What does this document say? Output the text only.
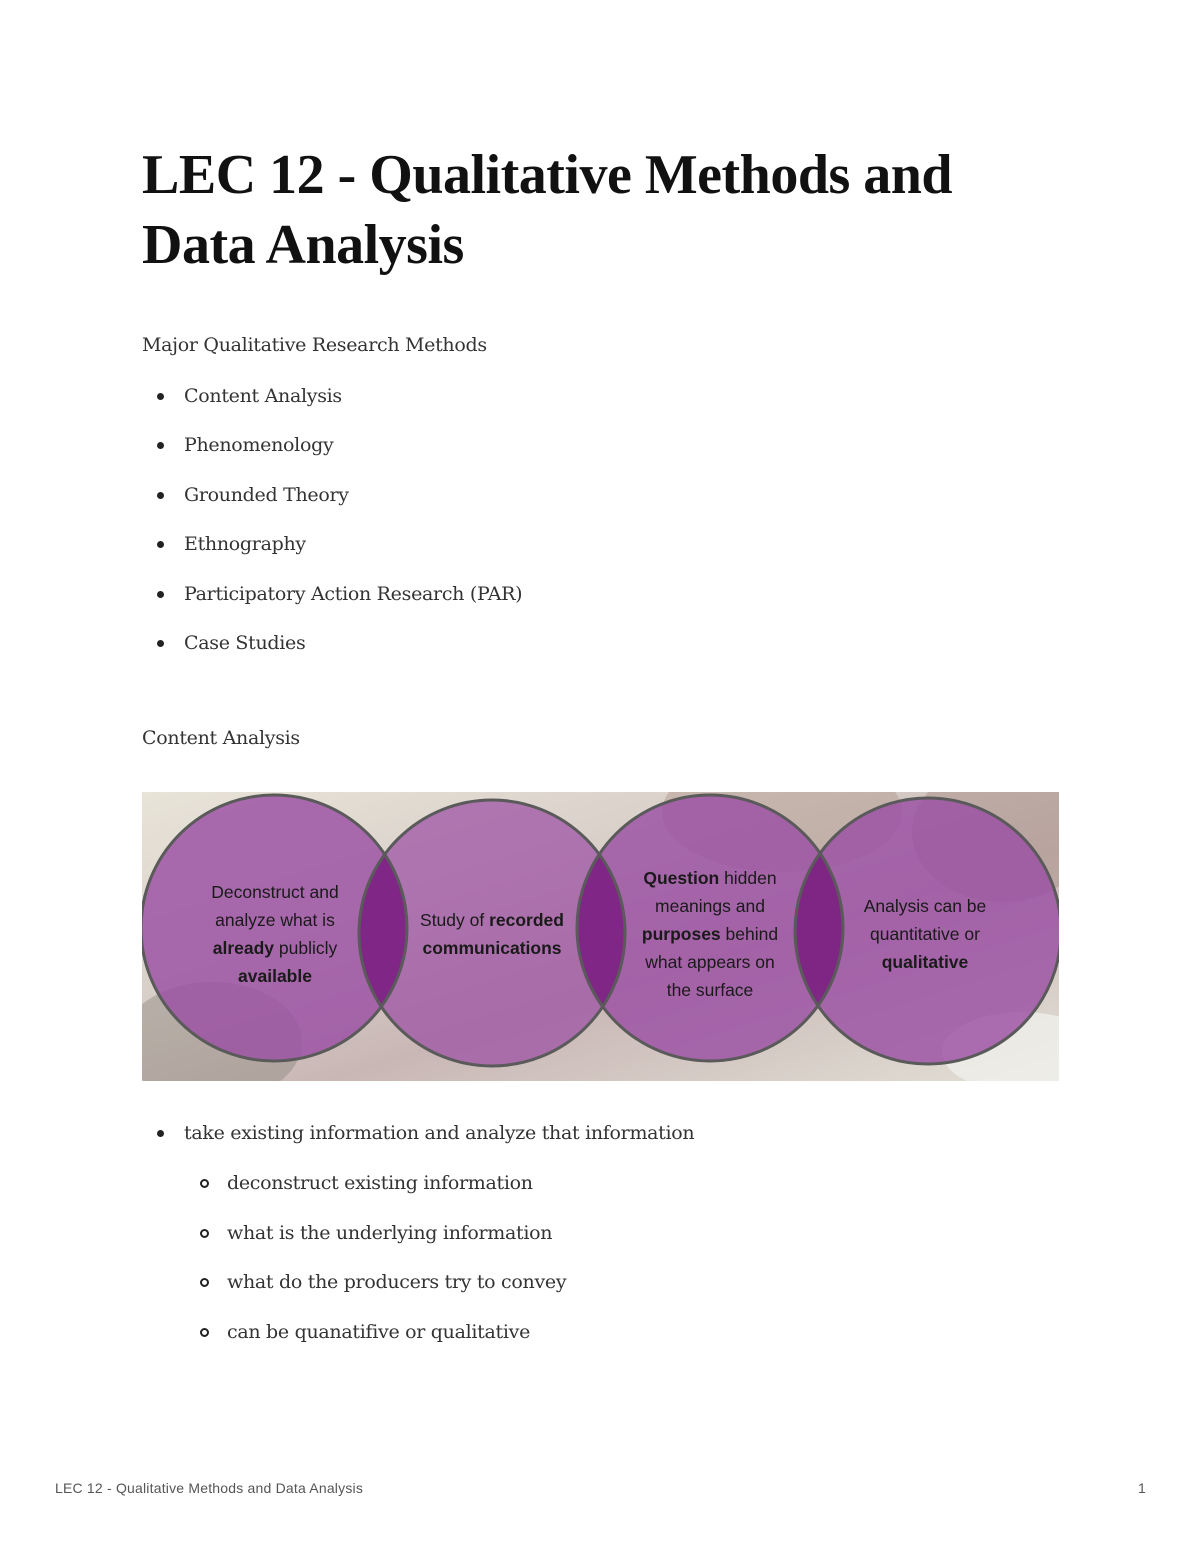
LEC 12 - Qualitative Methods and Data Analysis
Major Qualitative Research Methods
Content Analysis
Phenomenology
Grounded Theory
Ethnography
Participatory Action Research (PAR)
Case Studies
Content Analysis
Deconstruct and
analyze what is
already publicly
available
Study of recorded
communications
Question hidden
meanings and
purposes behind
what appears on
the surface
Analysis can be
quantitative or
qualitative
take existing information and analyze that information
deconstruct existing information
what is the underlying information
what do the producers try to convey
can be quanatifive or qualitative
LEC 12 - Qualitative Methods and Data Analysis	1
